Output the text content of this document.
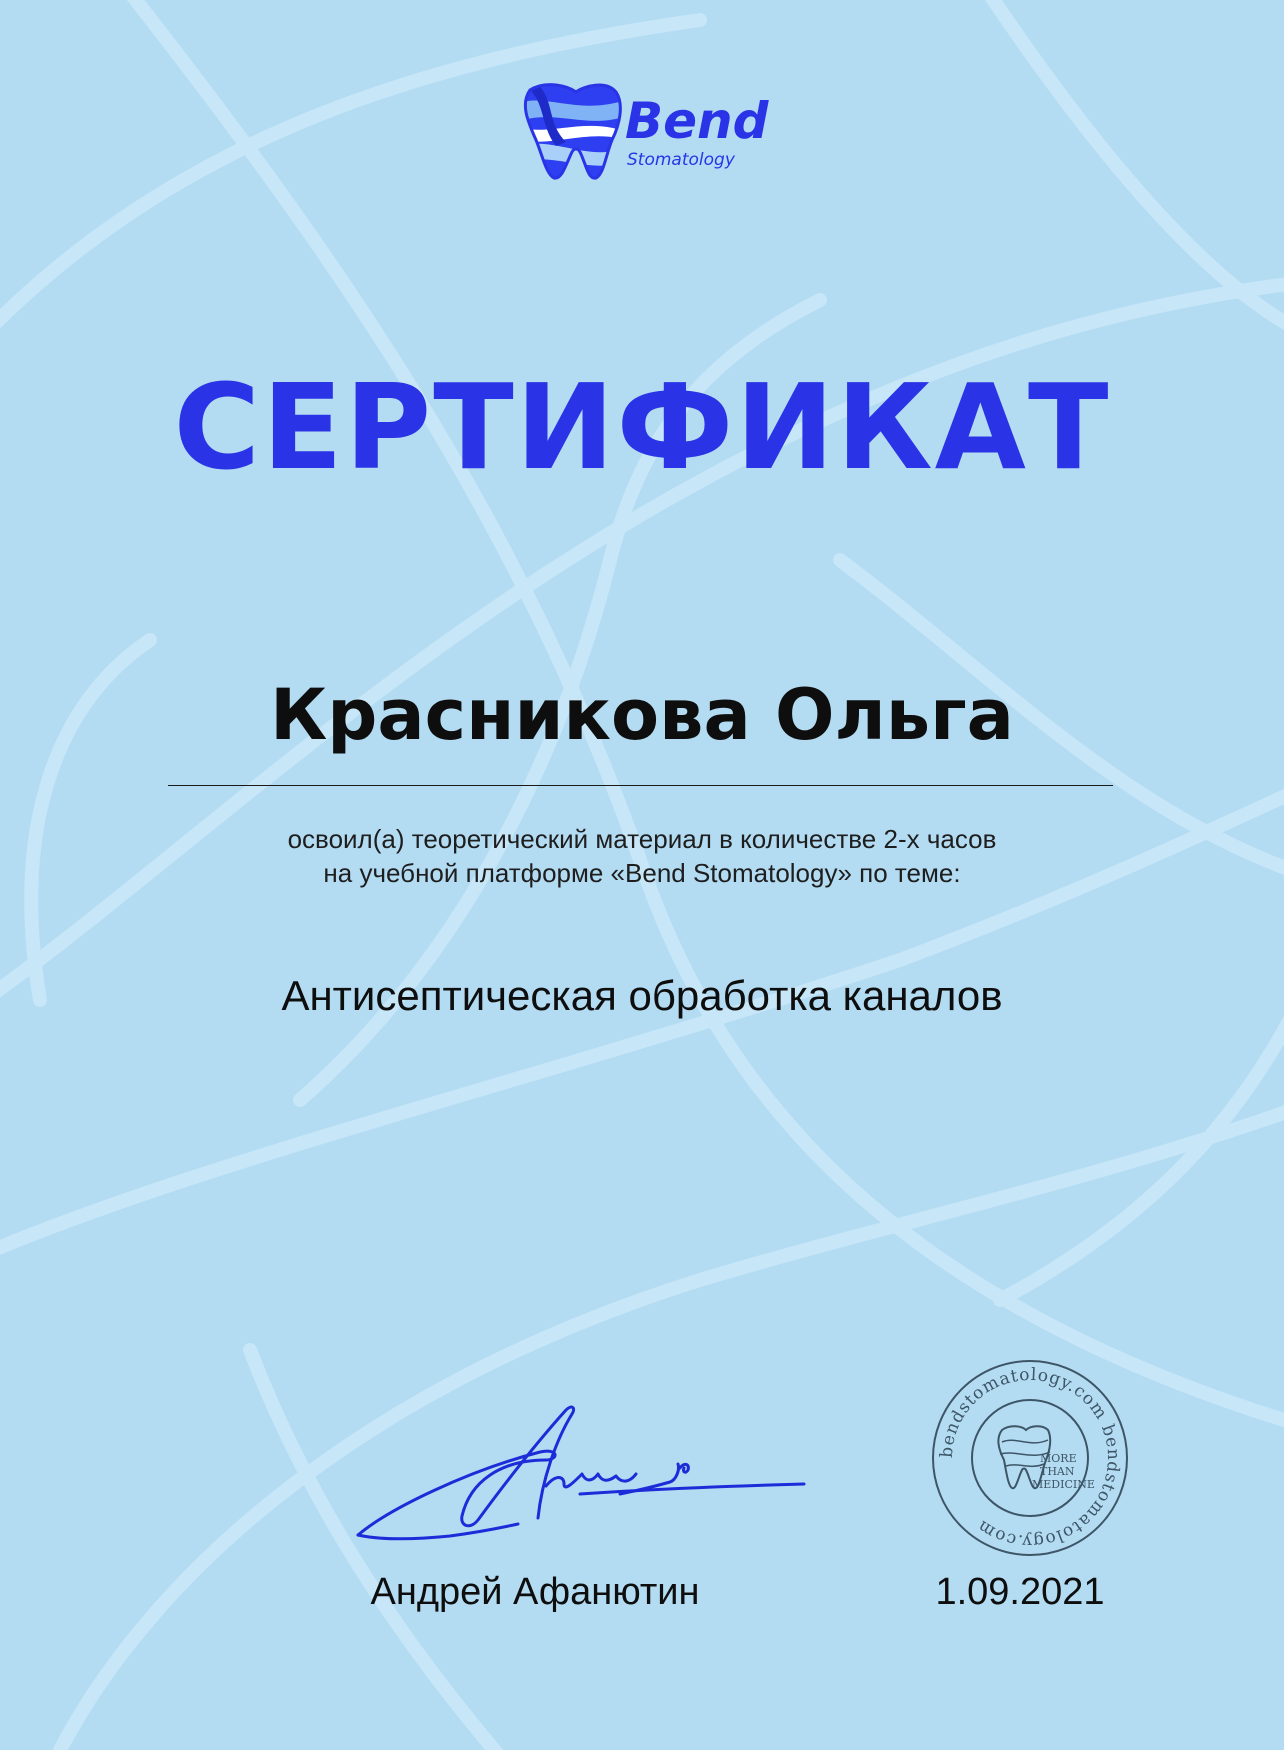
Bend
Stomatology
СЕРТИФИКАТ
Красникова Ольга
освоил(а) теоретический материал в количестве 2-х часов
на учебной платформе «Bend Stomatology» по теме:
Антисептическая обработка каналов
bendstomatology.com bendstomatology.com
MORE
THAN
MEDICINE
Андрей Афанютин	1.09.2021
